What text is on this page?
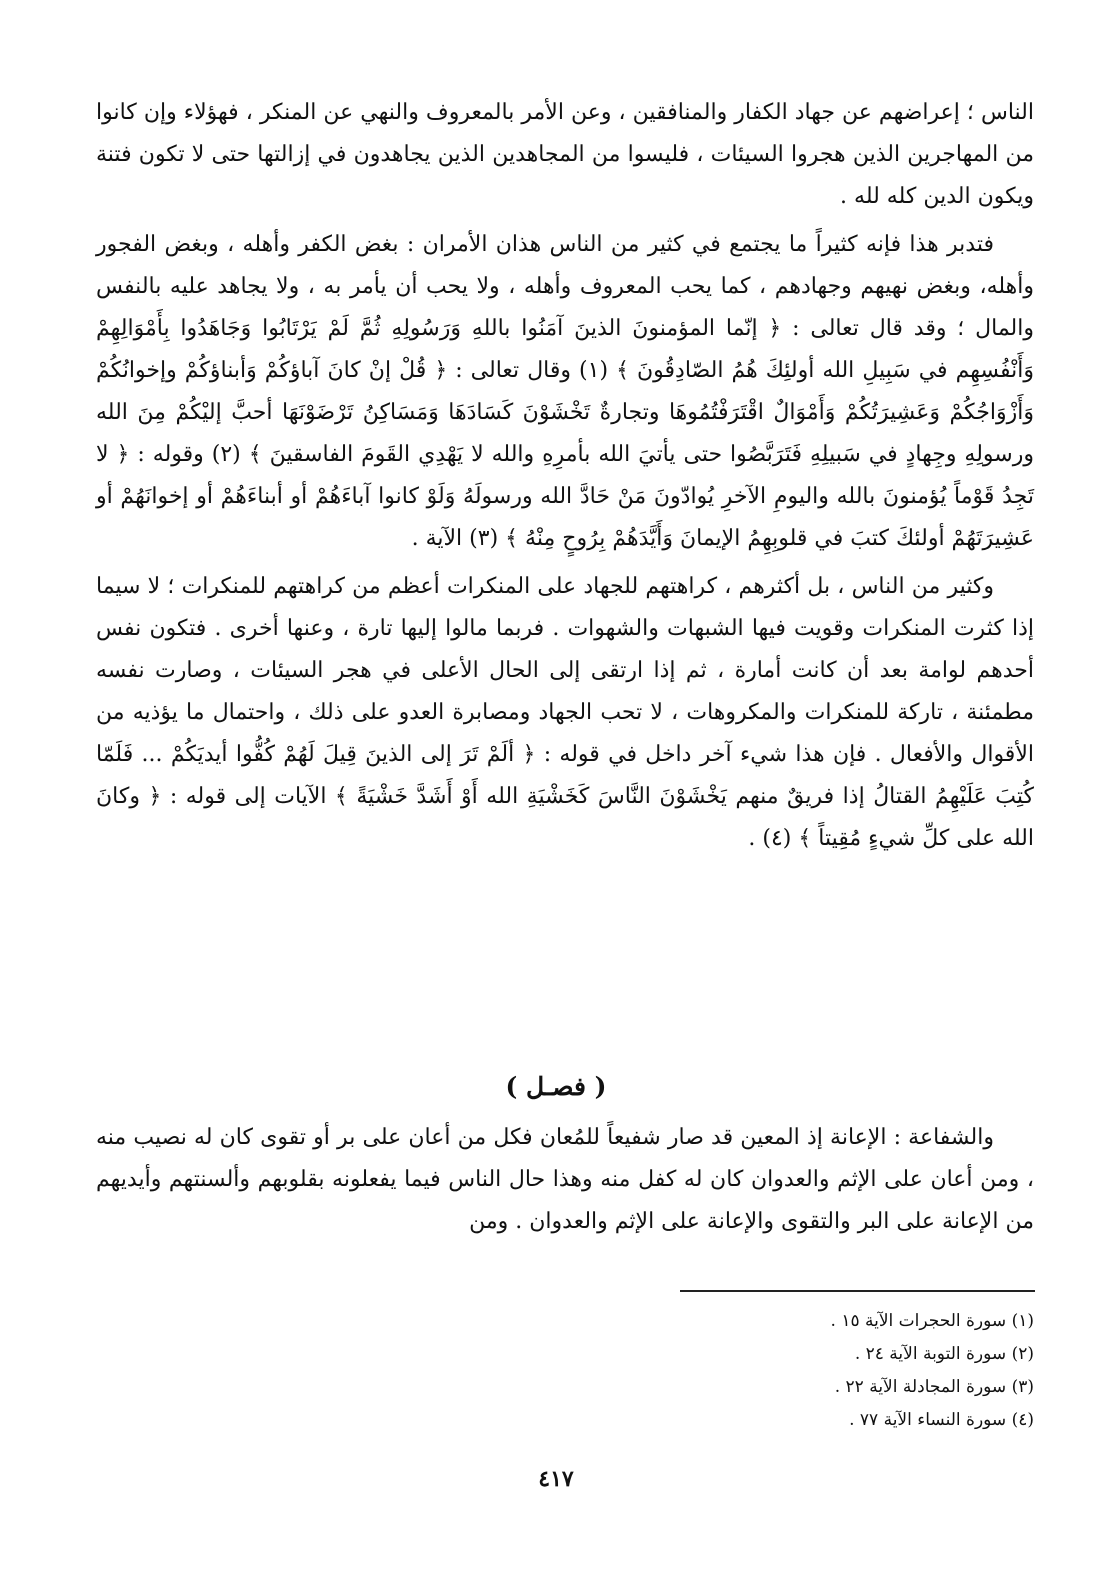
الناس ؛ إعراضهم عن جهاد الكفار والمنافقين ، وعن الأمر بالمعروف والنهي عن المنكر ، فهؤلاء وإن كانوا من المهاجرين الذين هجروا السيئات ، فليسوا من المجاهدين الذين يجاهدون في إزالتها حتى لا تكون فتنة ويكون الدين كله لله .

فتدبر هذا فإنه كثيراً ما يجتمع في كثير من الناس هذان الأمران : بغض الكفر وأهله ، وبغض الفجور وأهله، وبغض نهيهم وجهادهم ، كما يحب المعروف وأهله ، ولا يحب أن يأمر به ، ولا يجاهد عليه بالنفس والمال ؛ وقد قال تعالى : ﴿ إنّما المؤمنونَ الذينَ آمَنُوا باللهِ وَرَسُولِهِ ثُمَّ لَمْ يَرْتَابُوا وَجَاهَدُوا بِأَمْوَالِهِمْ وَأَنْفُسِهِم في سَبِيلِ الله أولئِكَ هُمُ الصّادِقُونَ ﴾ (١) وقال تعالى : ﴿ قُلْ إنْ كانَ آباؤكُمْ وَأبناؤكُمْ وإخوانُكُمْ وَأَزْوَاجُكُمْ وَعَشِيرَتُكُمْ وَأَمْوَالٌ اقْتَرَفْتُمُوهَا وتجارةٌ تَخْشَوْنَ كَسَادَهَا وَمَسَاكِنُ تَرْضَوْنَهَا أحبَّ إليْكُمْ مِنَ الله ورسولِهِ وجِهادٍ في سَبيلِهِ فَتَرَبَّصُوا حتى يأتيَ الله بأمرِهِ والله لا يَهْدِي القَومَ الفاسقينَ ﴾ (٢) وقوله : ﴿ لا تَجِدُ قَوْماً يُؤمنونَ بالله واليومِ الآخرِ يُوادّونَ مَنْ حَادَّ الله ورسولَهُ وَلَوْ كانوا آباءَهُمْ أو أبناءَهُمْ أو إخوانَهُمْ أو عَشِيرَتَهُمْ أولئكَ كتبَ في قلوبِهِمُ الإيمانَ وَأَيَّدَهُمْ بِرُوحٍ مِنْهُ ﴾ (٣) الآية .

وكثير من الناس ، بل أكثرهم ، كراهتهم للجهاد على المنكرات أعظم من كراهتهم للمنكرات ؛ لا سيما إذا كثرت المنكرات وقويت فيها الشبهات والشهوات . فربما مالوا إليها تارة ، وعنها أخرى . فتكون نفس أحدهم لوامة بعد أن كانت أمارة ، ثم إذا ارتقى إلى الحال الأعلى في هجر السيئات ، وصارت نفسه مطمئنة ، تاركة للمنكرات والمكروهات ، لا تحب الجهاد ومصابرة العدو على ذلك ، واحتمال ما يؤذيه من الأقوال والأفعال . فإن هذا شيء آخر داخل في قوله : ﴿ ألَمْ تَرَ إلى الذينَ قِيلَ لَهُمْ كُفُّوا أيديَكُمْ ... فَلَمّا كُتِبَ عَلَيْهِمُ القتالُ إذا فريقٌ منهم يَخْشَوْنَ النَّاسَ كَخَشْيَةِ الله أَوْ أَشَدَّ خَشْيَةً ﴾ الآيات إلى قوله : ﴿ وكانَ الله على كلِّ شيءٍ مُقِيتاً ﴾ (٤) .

( فصـل )

والشفاعة : الإعانة إذ المعين قد صار شفيعاً للمُعان فكل من أعان على بر أو تقوى كان له نصيب منه ، ومن أعان على الإثم والعدوان كان له كفل منه وهذا حال الناس فيما يفعلونه بقلوبهم وألسنتهم وأيديهم من الإعانة على البر والتقوى والإعانة على الإثم والعدوان . ومن

(١) سورة الحجرات الآية ١٥ .
(٢) سورة التوبة الآية ٢٤ .
(٣) سورة المجادلة الآية ٢٢ .
(٤) سورة النساء الآية ٧٧ .
٤١٧
